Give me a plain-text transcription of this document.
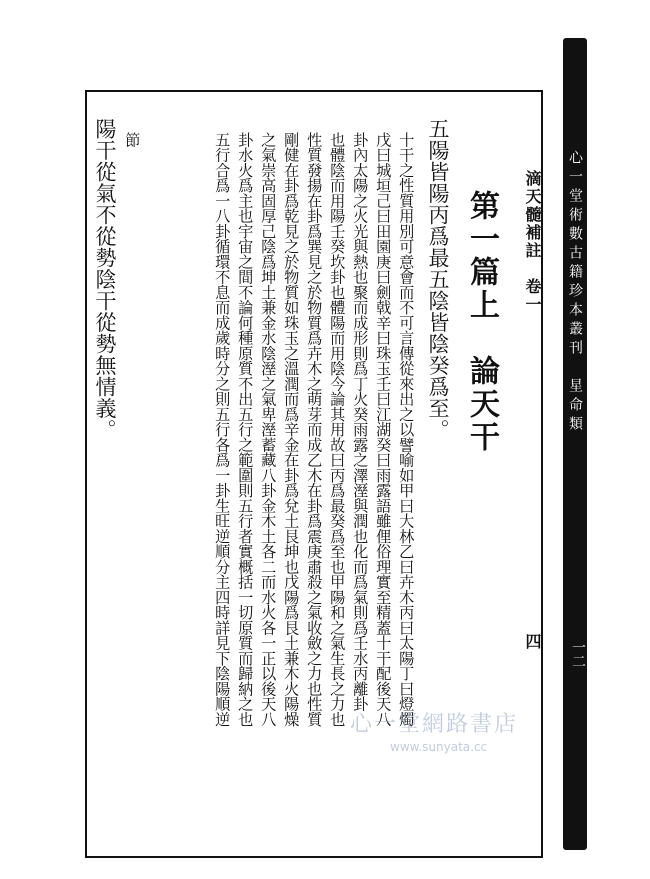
心一堂術數古籍珍本叢刊　星命類
一二
滴天髓補註　卷一
四
第一篇上　論天干
五陽皆陽丙爲最五陰皆陰癸爲至。
十干之性質用別可意會而不可言傳從來出之以譬喻如甲曰大林乙曰卉木丙曰太陽丁曰燈燭
戊曰城垣己曰田園庚曰劍戟辛曰珠玉壬曰江湖癸曰雨露語雖俚俗理實至精蓋十干配後天八
卦內太陽之火光與熱也聚而成形則爲丁火癸雨露之澤溼與潤也化而爲氣則爲壬水丙離卦
也體陰而用陽壬癸坎卦也體陽而用陰今論其用故曰丙爲最癸爲至也甲陽和之氣生長之力也
性質發揚在卦爲巽見之於物質爲卉木之萌芽而成乙木在卦爲震庚肅殺之氣收斂之力也性質
剛健在卦爲乾見之於物質如珠玉之溫潤而爲辛金在卦爲兌土艮坤也戊陽爲艮土兼木火陽燥
之氣崇高固厚己陰爲坤土兼金水陰溼之氣卑溼蓄藏八卦金木土各二而水火各一正以後天八
卦水火爲主也宇宙之間不論何種原質不出五行之範圍則五行者實概括一切原質而歸納之也
五行合爲一八卦循環不息而成歲時分之則五行各爲一卦生旺逆順分主四時詳見下陰陽順逆
節
陽干從氣不從勢陰干從勢無情義。
心一堂網路書店
www.sunyata.cc
